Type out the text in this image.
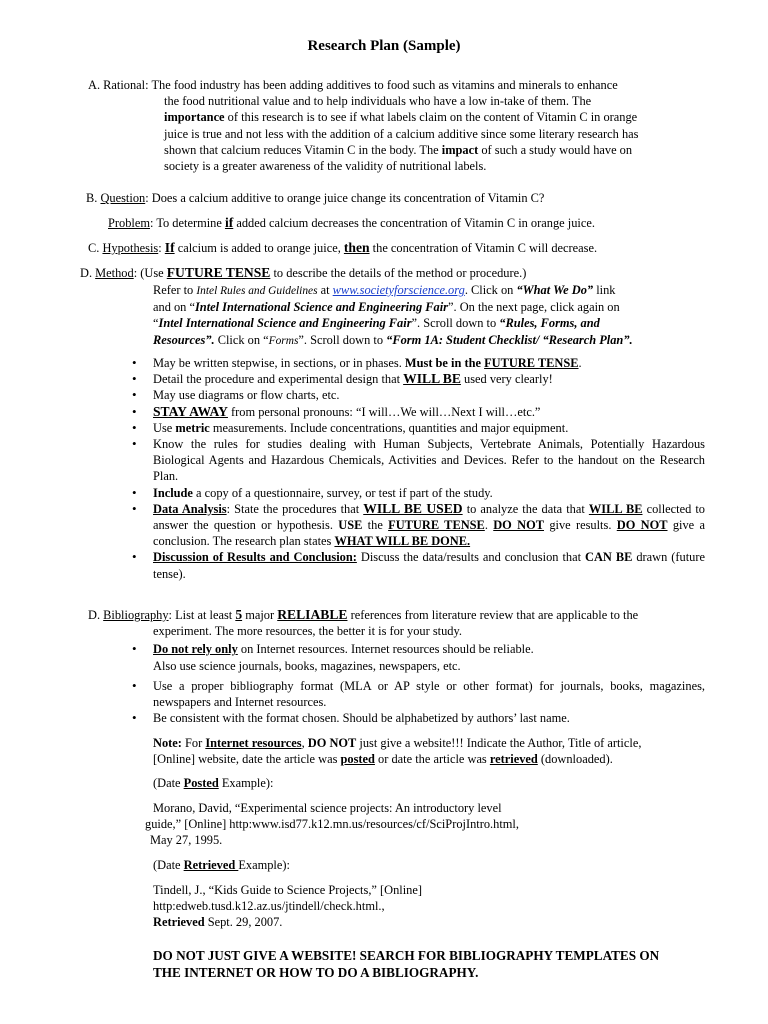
Research Plan (Sample)
A. Rational: The food industry has been adding additives to food such as vitamins and minerals to enhance
the food nutritional value and to help individuals who have a low in-take of them. The
importance of this research is to see if what labels claim on the content of Vitamin C in orange
juice is true and not less with the addition of a calcium additive since some literary research has
shown that calcium reduces Vitamin C in the body. The impact of such a study would have on
society is a greater awareness of the validity of nutritional labels.
B. Question: Does a calcium additive to orange juice change its concentration of Vitamin C?
Problem: To determine if added calcium decreases the concentration of Vitamin C in orange juice.
C. Hypothesis: If calcium is added to orange juice, then the concentration of Vitamin C will decrease.
D. Method: (Use FUTURE TENSE to describe the details of the method or procedure.)
Refer to Intel Rules and Guidelines at www.societyforscience.org. Click on “What We Do” link
and on “Intel International Science and Engineering Fair”. On the next page, click again on
“Intel International Science and Engineering Fair”. Scroll down to “Rules, Forms, and
Resources”. Click on “Forms”. Scroll down to “Form 1A: Student Checklist/ “Research Plan”.
• May be written stepwise, in sections, or in phases. Must be in the FUTURE TENSE.
• Detail the procedure and experimental design that WILL BE used very clearly!
• May use diagrams or flow charts, etc.
• STAY AWAY from personal pronouns: “I will…We will…Next I will…etc.”
• Use metric measurements. Include concentrations, quantities and major equipment.
• Know the rules for studies dealing with Human Subjects, Vertebrate Animals, Potentially Hazardous Biological Agents and Hazardous Chemicals, Activities and Devices. Refer to the handout on the Research Plan.
• Include a copy of a questionnaire, survey, or test if part of the study.
• Data Analysis: State the procedures that WILL BE USED to analyze the data that WILL BE collected to answer the question or hypothesis. USE the FUTURE TENSE. DO NOT give results. DO NOT give a conclusion. The research plan states WHAT WILL BE DONE.
• Discussion of Results and Conclusion: Discuss the data/results and conclusion that CAN BE drawn (future tense).
D. Bibliography: List at least 5 major RELIABLE references from literature review that are applicable to the
experiment. The more resources, the better it is for your study.
• Do not rely only on Internet resources. Internet resources should be reliable.
Also use science journals, books, magazines, newspapers, etc.
• Use a proper bibliography format (MLA or AP style or other format) for journals, books, magazines, newspapers and Internet resources.
• Be consistent with the format chosen. Should be alphabetized by authors’ last name.
Note: For Internet resources, DO NOT just give a website!!! Indicate the Author, Title of article,
[Online] website, date the article was posted or date the article was retrieved (downloaded).
(Date Posted Example):
Morano, David, “Experimental science projects: An introductory level
guide,” [Online] http:www.isd77.k12.mn.us/resources/cf/SciProjIntro.html,
May 27, 1995.
(Date Retrieved Example):
Tindell, J., “Kids Guide to Science Projects,” [Online]
http:edweb.tusd.k12.az.us/jtindell/check.html.,
Retrieved Sept. 29, 2007.
DO NOT JUST GIVE A WEBSITE! SEARCH FOR BIBLIOGRAPHY TEMPLATES ON
THE INTERNET OR HOW TO DO A BIBLIOGRAPHY.
